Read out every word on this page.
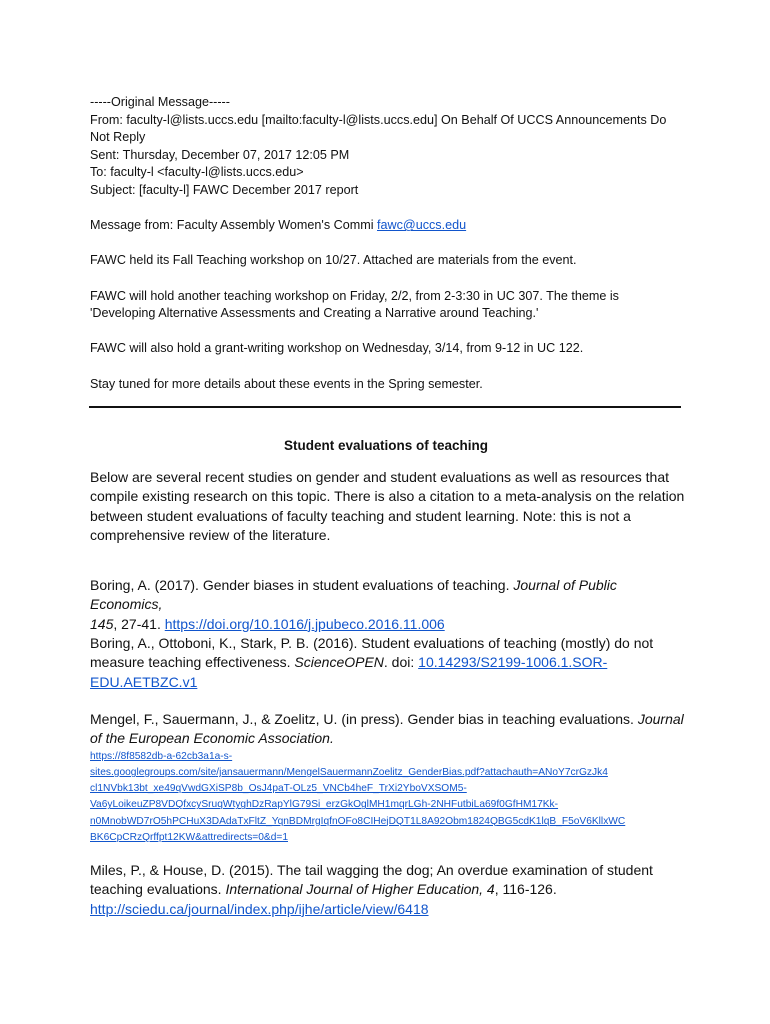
-----Original Message-----

From: faculty-l@lists.uccs.edu [mailto:faculty-l@lists.uccs.edu] On Behalf Of UCCS Announcements Do

Not Reply

Sent: Thursday, December 07, 2017 12:05 PM

To: faculty-l <faculty-l@lists.uccs.edu>

Subject: [faculty-l] FAWC December 2017 report

Message from: Faculty Assembly Women's Commi fawc@uccs.edu

FAWC held its Fall Teaching workshop on 10/27. Attached are materials from the event.

FAWC will hold another teaching workshop on Friday, 2/2, from 2-3:30 in UC 307. The theme is

'Developing Alternative Assessments and Creating a Narrative around Teaching.'

FAWC will also hold a grant-writing workshop on Wednesday, 3/14, from 9-12 in UC 122.

Stay tuned for more details about these events in the Spring semester.

Student evaluations of teaching

Below are several recent studies on gender and student evaluations as well as resources that

compile existing research on this topic. There is also a citation to a meta-analysis on the relation

between student evaluations of faculty teaching and student learning. Note: this is not a

comprehensive review of the literature.

Boring, A. (2017). Gender biases in student evaluations of teaching. Journal of Public Economics,

145, 27-41. https://doi.org/10.1016/j.jpubeco.2016.11.006

Boring, A., Ottoboni, K., Stark, P. B. (2016). Student evaluations of teaching (mostly) do not

measure teaching effectiveness. ScienceOPEN. doi: 10.14293/S2199-1006.1.SOR-

EDU.AETBZC.v1

Mengel, F., Sauermann, J., & Zoelitz, U. (in press). Gender bias in teaching evaluations. Journal

of the European Economic Association.

https://8f8582db-a-62cb3a1a-s-
sites.googlegroups.com/site/jansauermann/MengelSauermannZoelitz_GenderBias.pdf?attachauth=ANoY7crGzJk4
cl1NVbk13bt_xe49qVwdGXiSP8b_OsJ4paT-OLz5_VNCb4heF_TrXi2YboVXSOM5-
Va6yLoikeuZP8VDQfxcySruqWtyghDzRapYlG79Si_erzGkOglMH1mqrLGh-2NHFutbiLa69f0GfHM17Kk-
n0MnobWD7rO5hPCHuX3DAdaTxFltZ_YqnBDMrgIqfnOFo8CIHejDQT1L8A92Obm1824QBG5cdK1lqB_F5oV6KllxWC
BK6CpCRzQrffpt12KW&attredirects=0&d=1

Miles, P., & House, D. (2015). The tail wagging the dog; An overdue examination of student

teaching evaluations. International Journal of Higher Education, 4, 116-126.

http://sciedu.ca/journal/index.php/ijhe/article/view/6418
